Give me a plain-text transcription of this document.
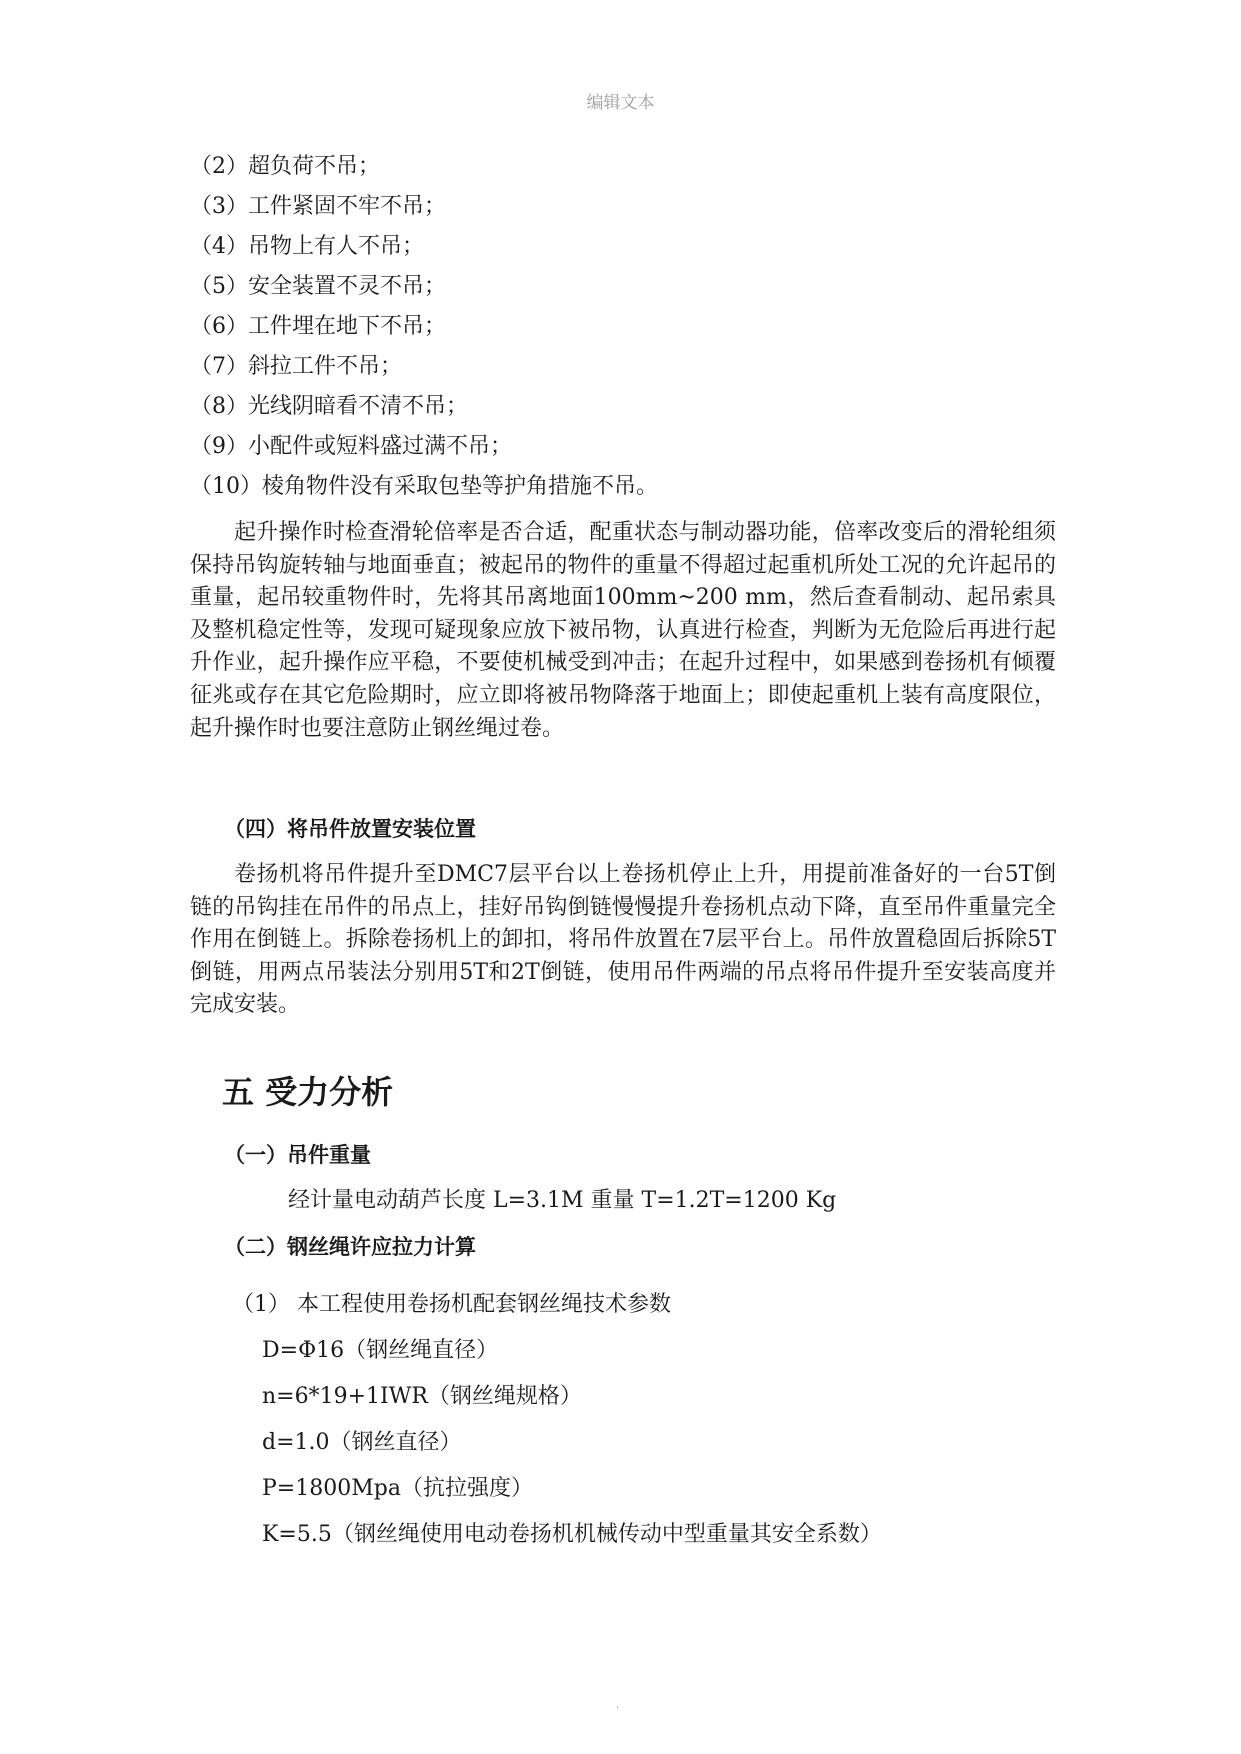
编辑文本
（2）超负荷不吊；
（3）工件紧固不牢不吊；
（4）吊物上有人不吊；
（5）安全装置不灵不吊；
（6）工件埋在地下不吊；
（7）斜拉工件不吊；
（8）光线阴暗看不清不吊；
（9）小配件或短料盛过满不吊；
（10）棱角物件没有采取包垫等护角措施不吊。
起升操作时检查滑轮倍率是否合适，配重状态与制动器功能，倍率改变后的滑轮组须保持吊钩旋转轴与地面垂直；被起吊的物件的重量不得超过起重机所处工况的允许起吊的重量，起吊较重物件时，先将其吊离地面100mm~200 mm，然后查看制动、起吊索具及整机稳定性等，发现可疑现象应放下被吊物，认真进行检查，判断为无危险后再进行起升作业，起升操作应平稳，不要使机械受到冲击；在起升过程中，如果感到卷扬机有倾覆征兆或存在其它危险期时，应立即将被吊物降落于地面上；即使起重机上装有高度限位，起升操作时也要注意防止钢丝绳过卷。
（四）将吊件放置安装位置
卷扬机将吊件提升至DMC7层平台以上卷扬机停止上升，用提前准备好的一台5T倒链的吊钩挂在吊件的吊点上，挂好吊钩倒链慢慢提升卷扬机点动下降，直至吊件重量完全作用在倒链上。拆除卷扬机上的卸扣，将吊件放置在7层平台上。吊件放置稳固后拆除5T倒链，用两点吊装法分别用5T和2T倒链，使用吊件两端的吊点将吊件提升至安装高度并完成安装。
五 受力分析
（一）吊件重量
经计量电动葫芦长度 L=3.1M 重量 T=1.2T=1200 Kg
（二）钢丝绳许应拉力计算
（1） 本工程使用卷扬机配套钢丝绳技术参数
D=Φ16（钢丝绳直径）
n=6*19+1IWR（钢丝绳规格）
d=1.0（钢丝直径）
P=1800Mpa（抗拉强度）
K=5.5（钢丝绳使用电动卷扬机机械传动中型重量其安全系数）
.
